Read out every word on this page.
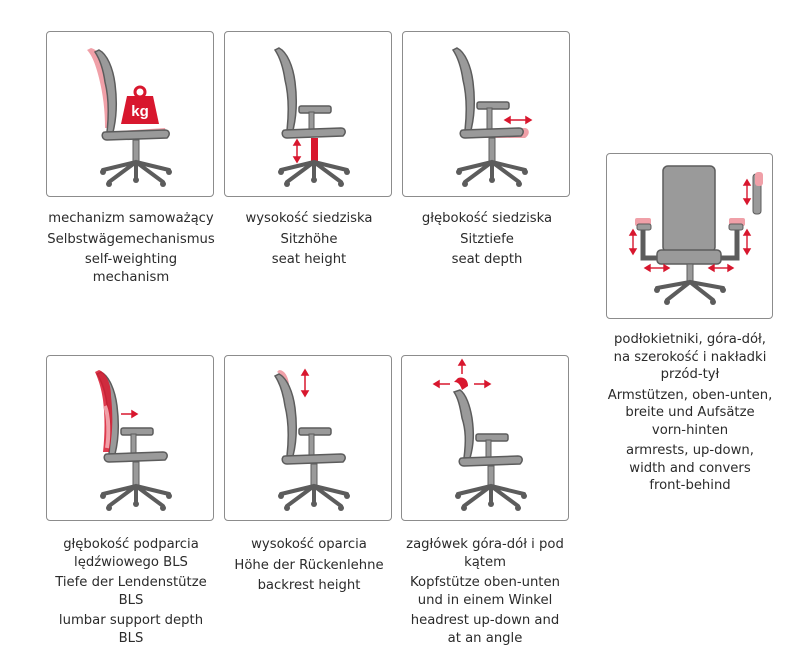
kg
mechanizm samoważący
Selbstwägemechanismus
self-weighting
mechanism
wysokość siedziska
Sitzhöhe
seat height
głębokość siedziska
Sitztiefe
seat depth
podłokietniki, góra-dół,
na szerokość i nakładki
przód-tył
Armstützen, oben-unten,
breite und Aufsätze
vorn-hinten
armrests, up-down,
width and convers
front-behind
głębokość podparcia
lędźwiowego BLS
Tiefe der Lendenstütze
BLS
lumbar support depth
BLS
wysokość oparcia
Höhe der Rückenlehne
backrest height
zagłówek góra-dół i pod
kątem
Kopfstütze oben-unten
und in einem Winkel
headrest up-down and
at an angle
